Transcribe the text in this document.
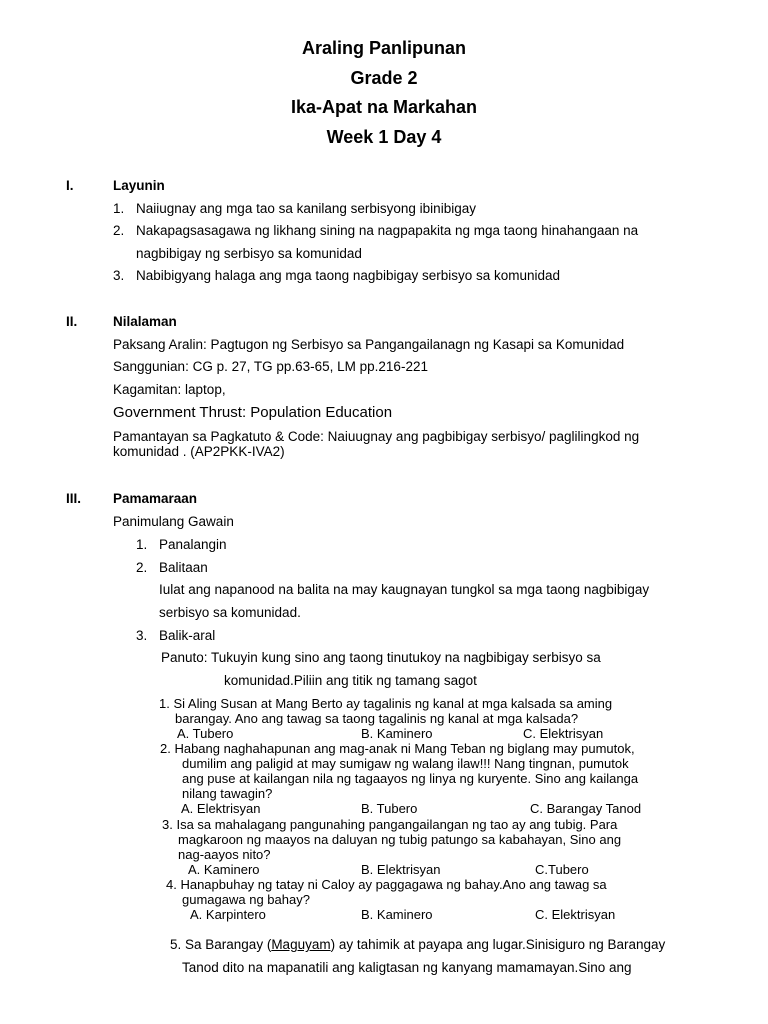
Araling Panlipunan
Grade 2
Ika-Apat na Markahan
Week 1 Day 4
I.	Layunin
1. Naiiugnay ang mga tao sa kanilang serbisyong ibinibigay
2. Nakapagsasagawa ng likhang sining na nagpapakita ng mga taong hinahangaan na
nagbibigay ng serbisyo sa komunidad
3. Nabibigyang halaga ang mga taong nagbibigay serbisyo sa komunidad
II.	Nilalaman
Paksang Aralin: Pagtugon ng Serbisyo sa Pangangailanagn ng Kasapi sa Komunidad
Sanggunian: CG p. 27, TG pp.63-65, LM pp.216-221
Kagamitan: laptop,
Government Thrust: Population Education
Pamantayan sa Pagkatuto & Code: Naiuugnay ang pagbibigay serbisyo/ paglilingkod ng
komunidad . (AP2PKK-IVA2)
III. Pamamaraan
Panimulang Gawain
1. Panalangin
2. Balitaan
Iulat ang napanood na balita na may kaugnayan tungkol sa mga taong nagbibigay
serbisyo sa komunidad.
3. Balik-aral
Panuto: Tukuyin kung sino ang taong tinutukoy na nagbibigay serbisyo sa
komunidad.Piliin ang titik ng tamang sagot
1. Si Aling Susan at Mang Berto ay tagalinis ng kanal at mga kalsada sa aming
barangay. Ano ang tawag sa taong tagalinis ng kanal at mga kalsada?
A. Tubero	B. Kaminero	C. Elektrisyan
2. Habang naghahapunan ang mag-anak ni Mang Teban ng biglang may pumutok,
dumilim ang paligid at may sumigaw ng walang ilaw!!! Nang tingnan, pumutok
ang puse at kailangan nila ng tagaayos ng linya ng kuryente. Sino ang kailanga
nilang tawagin?
A. Elektrisyan	B. Tubero	C. Barangay Tanod
3. Isa sa mahalagang pangunahing pangangailangan ng tao ay ang tubig. Para
magkaroon ng maayos na daluyan ng tubig patungo sa kabahayan, Sino ang
nag-aayos nito?
A. Kaminero	B. Elektrisyan	C.Tubero
4. Hanapbuhay ng tatay ni Caloy ay paggagawa ng bahay.Ano ang tawag sa
gumagawa ng bahay?
A. Karpintero	B. Kaminero	C. Elektrisyan
5. Sa Barangay (Maguyam) ay tahimik at payapa ang lugar.Sinisiguro ng Barangay
Tanod dito na mapanatili ang kaligtasan ng kanyang mamamayan.Sino ang
